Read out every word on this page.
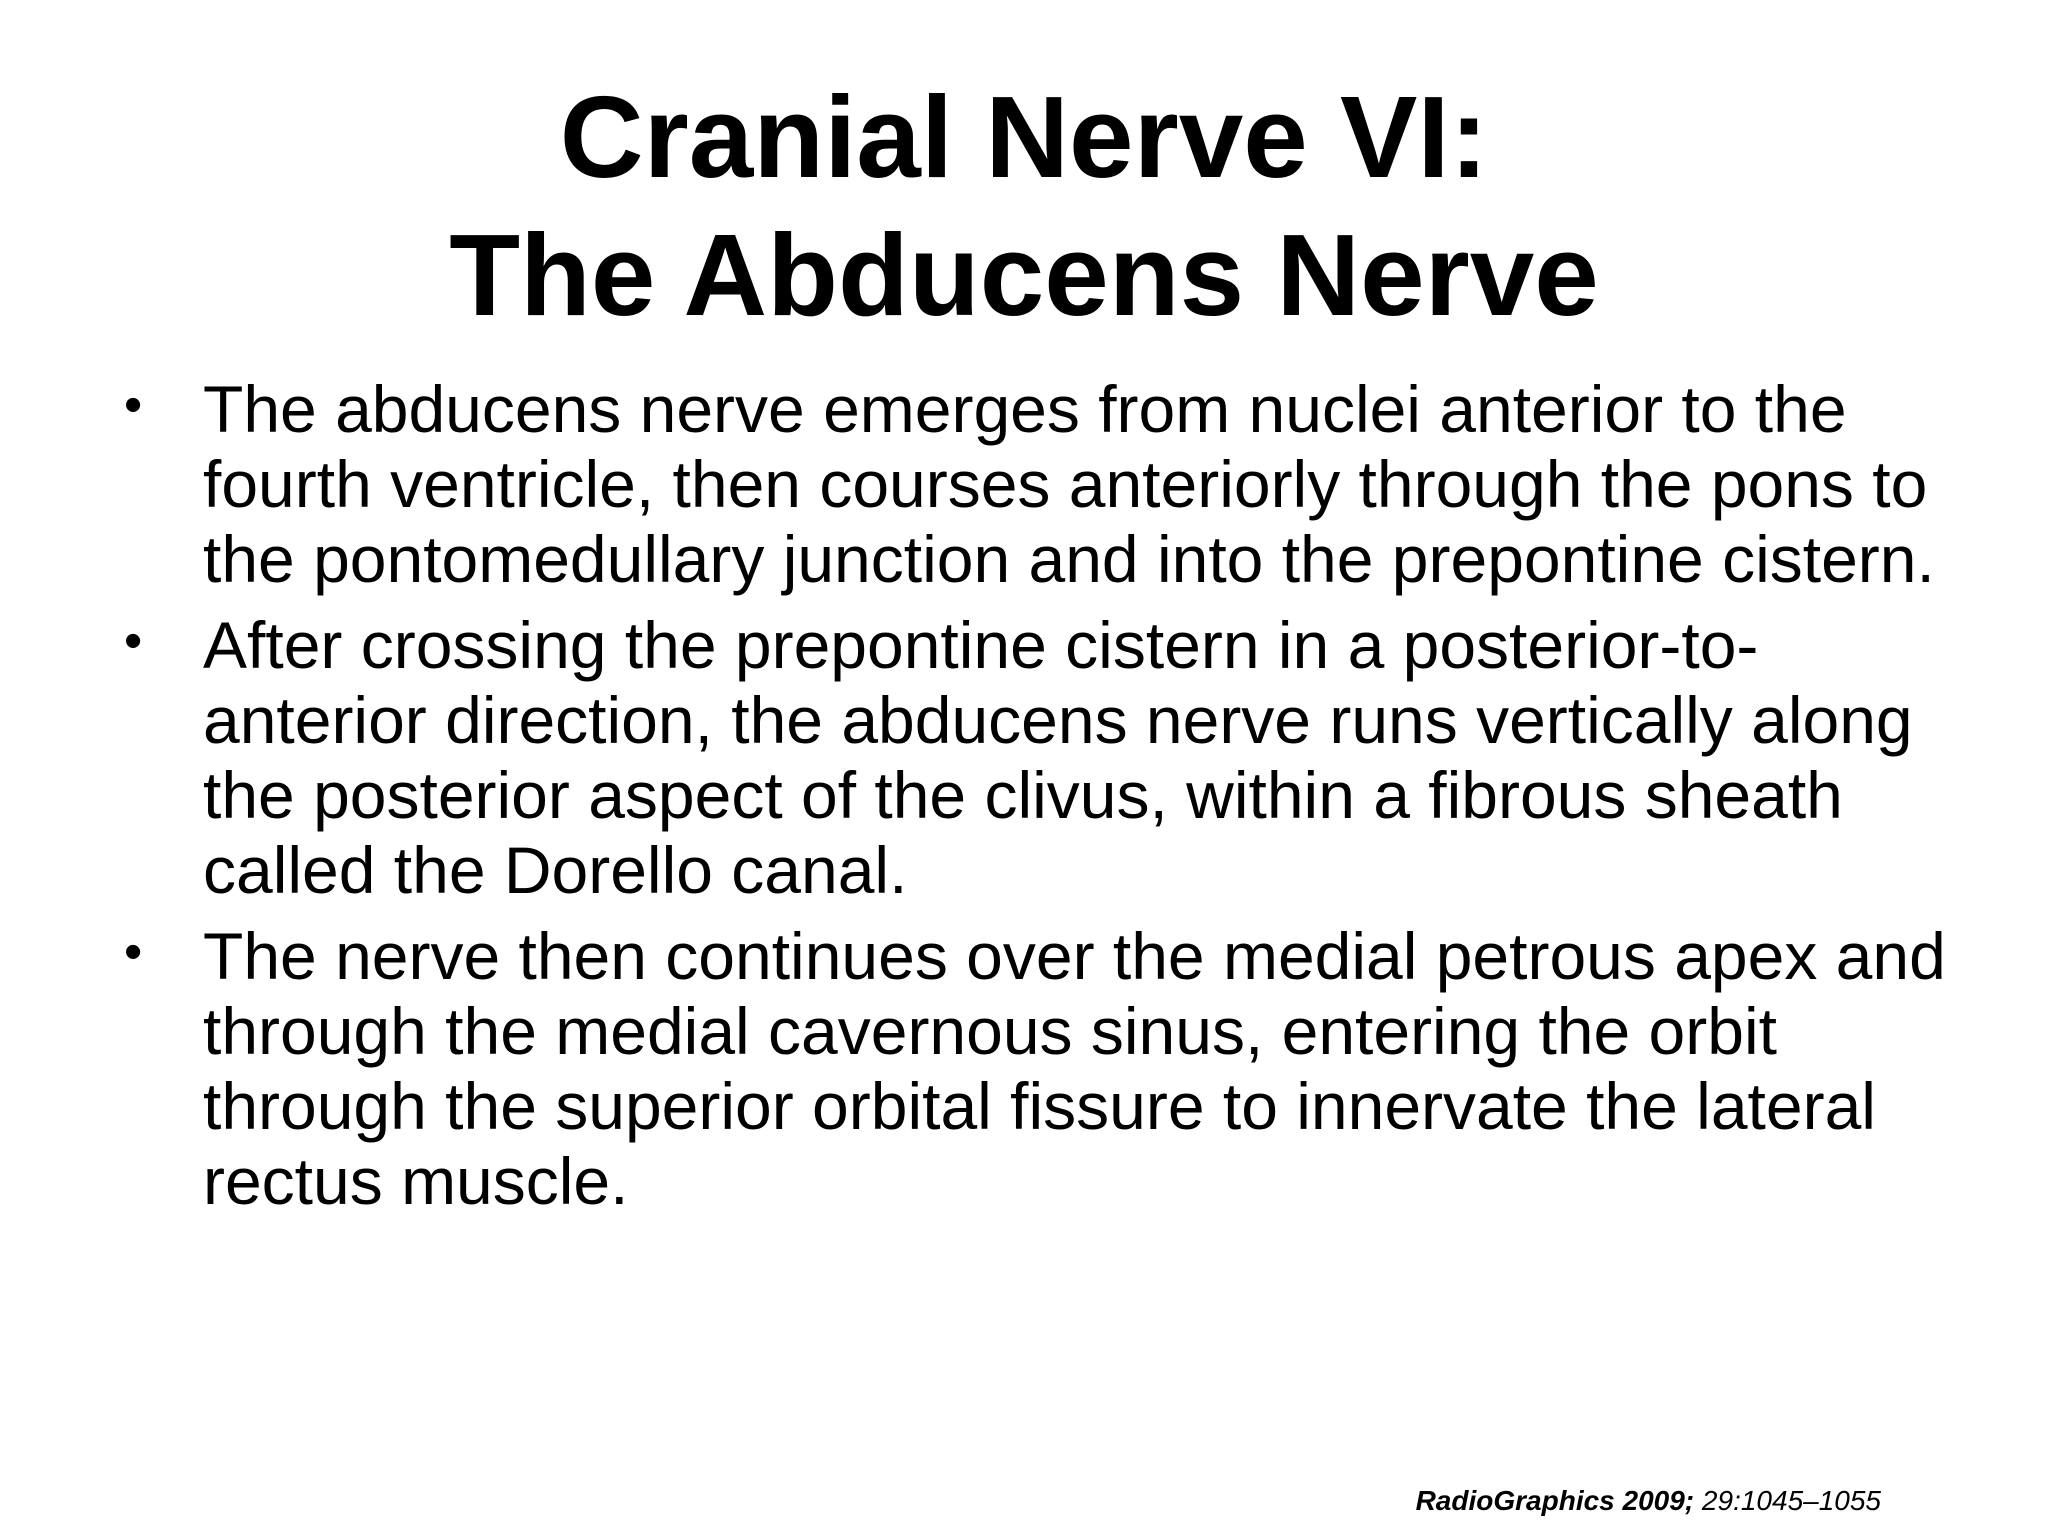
Cranial Nerve VI:
The Abducens Nerve
• The abducens nerve emerges from nuclei anterior to the fourth ventricle, then courses anteriorly through the pons to the pontomedullary junction and into the prepontine cistern.
• After crossing the prepontine cistern in a posterior-to-anterior direction, the abducens nerve runs vertically along the posterior aspect of the clivus, within a fibrous sheath called the Dorello canal.
• The nerve then continues over the medial petrous apex and through the medial cavernous sinus, entering the orbit through the superior orbital fissure to innervate the lateral rectus muscle.
RadioGraphics 2009; 29:1045–1055
